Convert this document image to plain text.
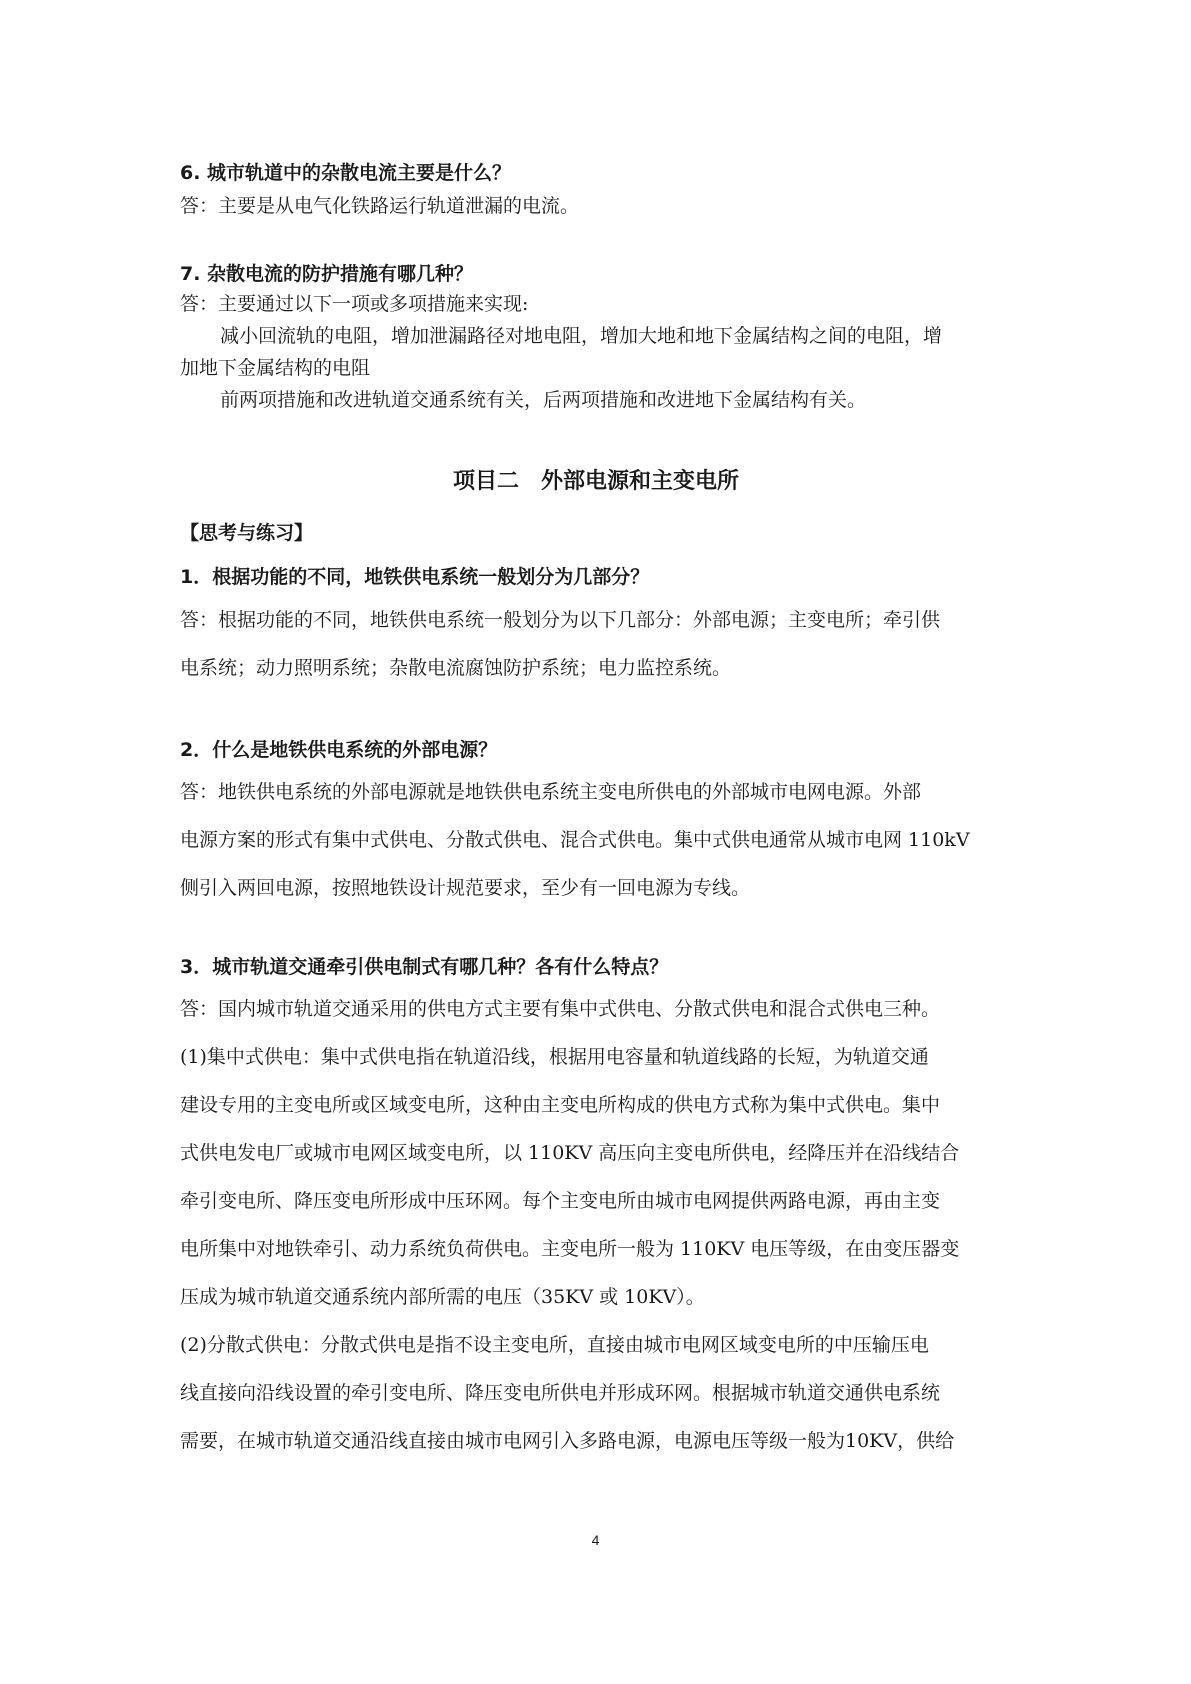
6. 城市轨道中的杂散电流主要是什么？
答：主要是从电气化铁路运行轨道泄漏的电流。
7. 杂散电流的防护措施有哪几种？
答：主要通过以下一项或多项措施来实现:
减小回流轨的电阻，增加泄漏路径对地电阻，增加大地和地下金属结构之间的电阻，增
加地下金属结构的电阻
前两项措施和改进轨道交通系统有关，后两项措施和改进地下金属结构有关。
项目二　外部电源和主变电所
【思考与练习】
1．根据功能的不同，地铁供电系统一般划分为几部分？
答：根据功能的不同，地铁供电系统一般划分为以下几部分：外部电源；主变电所；牵引供
电系统；动力照明系统；杂散电流腐蚀防护系统；电力监控系统。
2．什么是地铁供电系统的外部电源？
答：地铁供电系统的外部电源就是地铁供电系统主变电所供电的外部城市电网电源。外部
电源方案的形式有集中式供电、分散式供电、混合式供电。集中式供电通常从城市电网 110kV
侧引入两回电源，按照地铁设计规范要求，至少有一回电源为专线。
3．城市轨道交通牵引供电制式有哪几种？各有什么特点？
答：国内城市轨道交通采用的供电方式主要有集中式供电、分散式供电和混合式供电三种。
(1)集中式供电：集中式供电指在轨道沿线，根据用电容量和轨道线路的长短，为轨道交通
建设专用的主变电所或区域变电所，这种由主变电所构成的供电方式称为集中式供电。集中
式供电发电厂或城市电网区域变电所，以 110KV 高压向主变电所供电，经降压并在沿线结合
牵引变电所、降压变电所形成中压环网。每个主变电所由城市电网提供两路电源，再由主变
电所集中对地铁牵引、动力系统负荷供电。主变电所一般为 110KV 电压等级，在由变压器变
压成为城市轨道交通系统内部所需的电压（35KV 或 10KV）。
(2)分散式供电：分散式供电是指不设主变电所，直接由城市电网区域变电所的中压输压电
线直接向沿线设置的牵引变电所、降压变电所供电并形成环网。根据城市轨道交通供电系统
需要，在城市轨道交通沿线直接由城市电网引入多路电源，电源电压等级一般为10KV，供给
4
